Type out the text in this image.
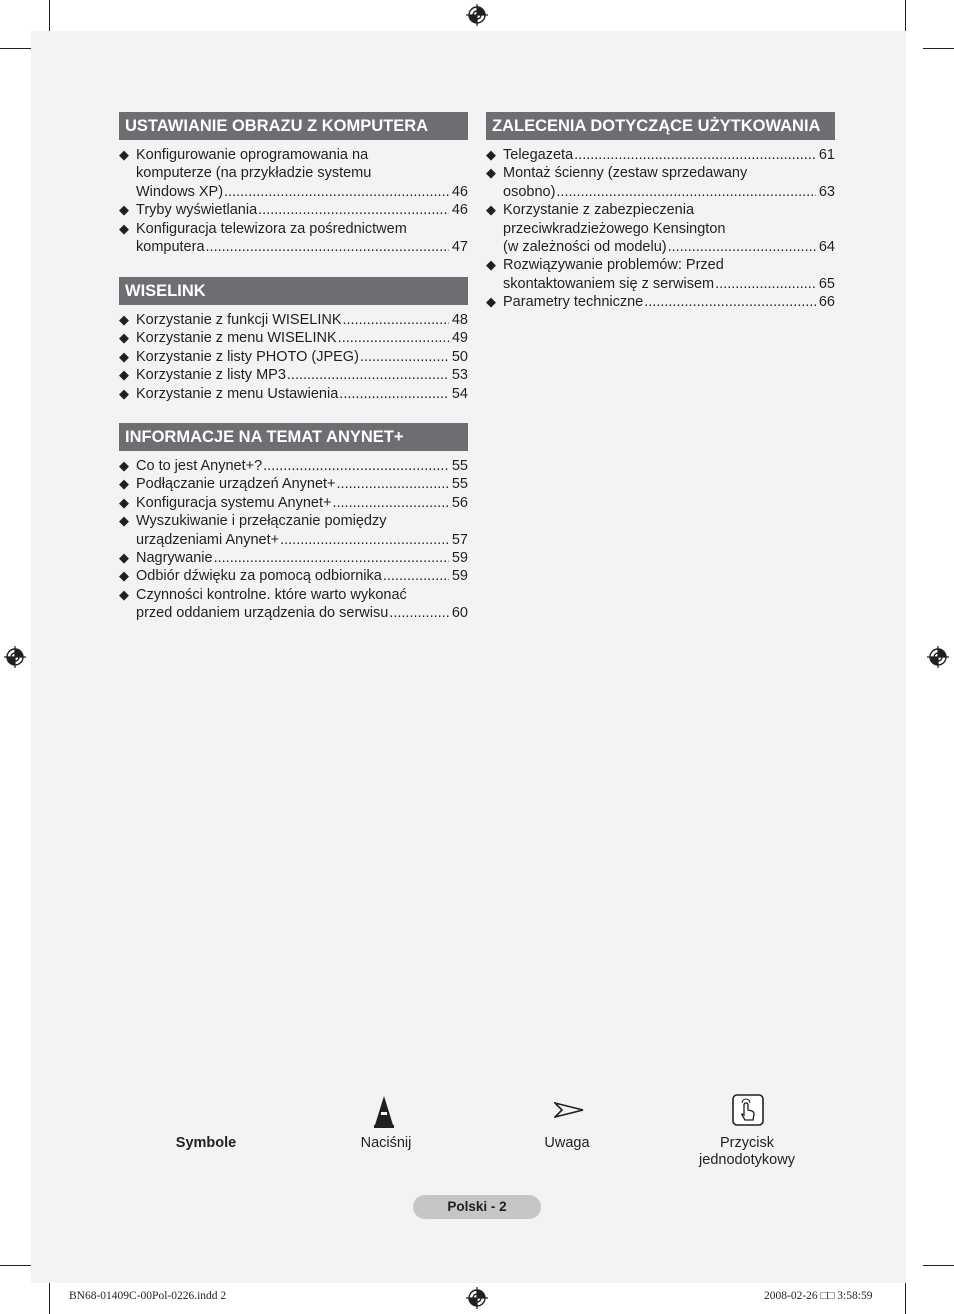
USTAWIANIE OBRAZU Z KOMPUTERA
◆ Konfigurowanie oprogramowania na
komputerze (na przykładzie systemu
Windows XP) .....	46
◆ Tryby wyświetlania .....	46
◆ Konfiguracja telewizora za pośrednictwem
komputera .....	47
WISELINK
◆ Korzystanie z funkcji WISELINK .....	48
◆ Korzystanie z menu WISELINK .....	49
◆ Korzystanie z listy PHOTO (JPEG) .....	50
◆ Korzystanie z listy MP3 .....	53
◆ Korzystanie z menu Ustawienia .....	54
INFORMACJE NA TEMAT ANYNET+
◆ Co to jest Anynet+? .....	55
◆ Podłączanie urządzeń Anynet+ .....	55
◆ Konfiguracja systemu Anynet+ .....	56
◆ Wyszukiwanie i przełączanie pomiędzy
urządzeniami Anynet+ .....	57
◆ Nagrywanie .....	59
◆ Odbiór dźwięku za pomocą odbiornika .....	59
◆ Czynności kontrolne. które warto wykonać
przed oddaniem urządzenia do serwisu .....	60
ZALECENIA DOTYCZĄCE UŻYTKOWANIA
◆ Telegazeta .....	61
◆ Montaż ścienny (zestaw sprzedawany
osobno) .....	63
◆ Korzystanie z zabezpieczenia
przeciwkradzieżowego Kensington
(w zależności od modelu) .....	64
◆ Rozwiązywanie problemów: Przed
skontaktowaniem się z serwisem .....	65
◆ Parametry techniczne .....	66
Symbole	Naciśnij	Uwaga	Przycisk
jednodotykowy
Polski - 2
BN68-01409C-00Pol-0226.indd 2	2008-02-26 □□ 3:58:59
